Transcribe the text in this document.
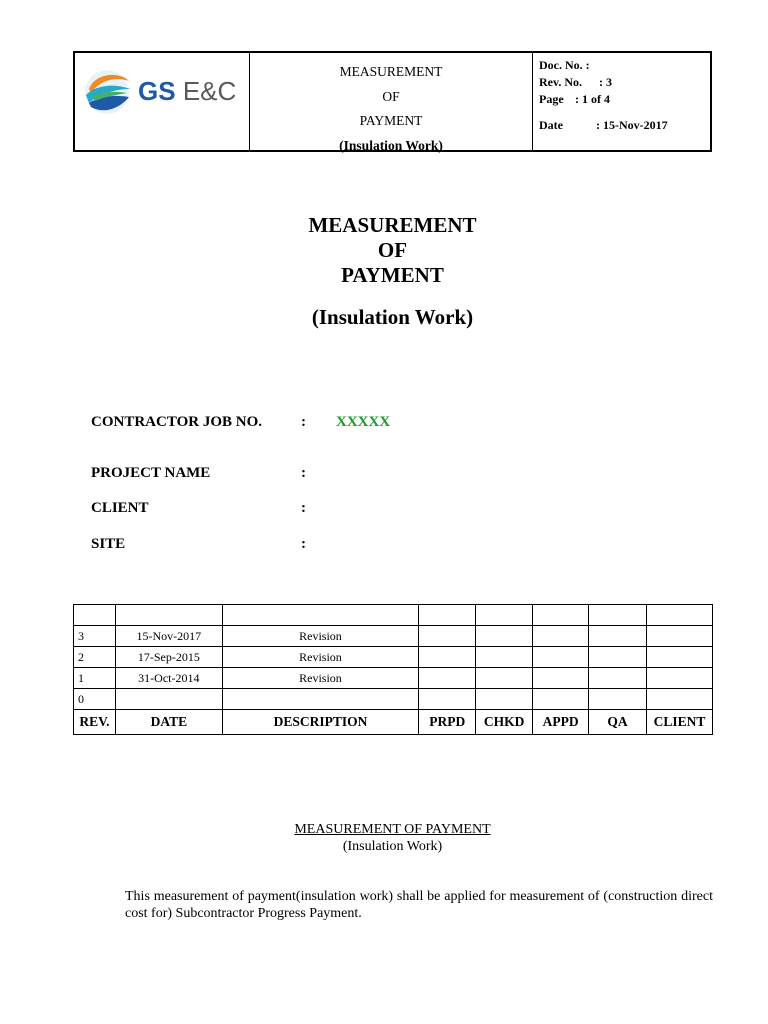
GS E&C
MEASUREMENT
OF
PAYMENT
(Insulation Work)
Doc. No. :
Rev. No. : 3
Page : 1 of 4
Date	: 15-Nov-2017
MEASUREMENT
OF
PAYMENT
(Insulation Work)
CONTRACTOR JOB NO.	: XXXXX
PROJECT NAME	:
CLIENT	:
SITE	:

3	15-Nov-2017	Revision					
2	17-Sep-2015	Revision					
1	31-Oct-2014	Revision					
0							
REV.	DATE	DESCRIPTION	PRPD	CHKD	APPD	QA	CLIENT
MEASUREMENT OF PAYMENT
(Insulation Work)
This measurement of payment(insulation work) shall be applied for measurement of (construction direct cost for) Subcontractor Progress Payment.
